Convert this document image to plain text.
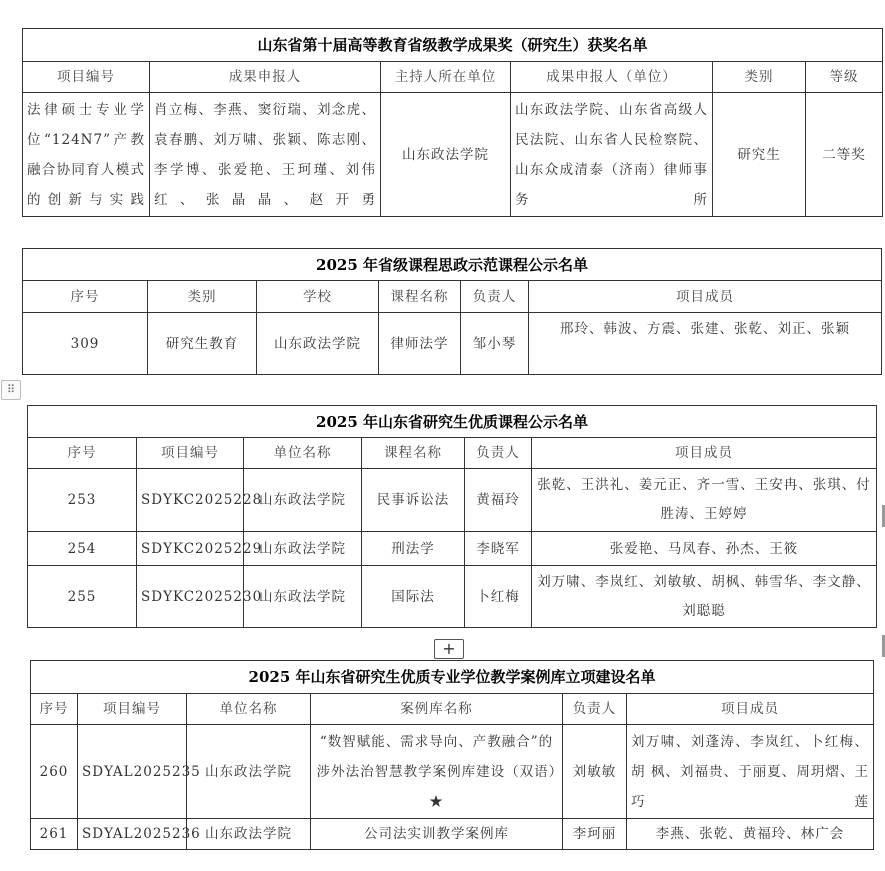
山东省第十届高等教育省级教学成果奖（研究生）获奖名单					
项目编号	成果申报人	主持人所在单位	成果申报人（单位）	类别	等级
法律硕士专业学位“124N7”产教融合协同育人模式的创新与实践	肖立梅、李燕、窦衍瑞、刘念虎、袁春鹏、刘万啸、张颖、陈志刚、李学博、张爱艳、王珂瑾、刘伟红、张晶晶、赵开勇	山东政法学院	山东政法学院、山东省高级人民法院、山东省人民检察院、山东众成清泰（济南）律师事务所	研究生	二等奖
2025 年省级课程思政示范课程公示名单					
序号	类别	学校	课程名称	负责人	项目成员
309	研究生教育	山东政法学院	律师法学	邹小琴	邢玲、韩波、方震、张建、张乾、刘正、张颖
⠿
2025 年山东省研究生优质课程公示名单					
序号	项目编号	单位名称	课程名称	负责人	项目成员
253	SDYKC2025228	山东政法学院	民事诉讼法	黄福玲	张乾、王洪礼、姜元正、齐一雪、王安冉、张琪、付胜涛、王婷婷
254	SDYKC2025229	山东政法学院	刑法学	李晓军	张爱艳、马凤春、孙杰、王筱
255	SDYKC2025230	山东政法学院	国际法	卜红梅	刘万啸、李岚红、刘敏敏、胡枫、韩雪华、李文静、刘聪聪
+
2025 年山东省研究生优质专业学位教学案例库立项建设名单					
序号	项目编号	单位名称	案例库名称	负责人	项目成员
260	SDYAL2025235	山东政法学院	“数智赋能、需求导向、产教融合”的涉外法治智慧教学案例库建设（双语）★	刘敏敏	刘万啸、刘蓬涛、李岚红、卜红梅、胡 枫、刘福贵、于丽夏、周玥熠、王巧莲
261	SDYAL2025236	山东政法学院	公司法实训教学案例库	李珂丽	李燕、张乾、黄福玲、林广会
